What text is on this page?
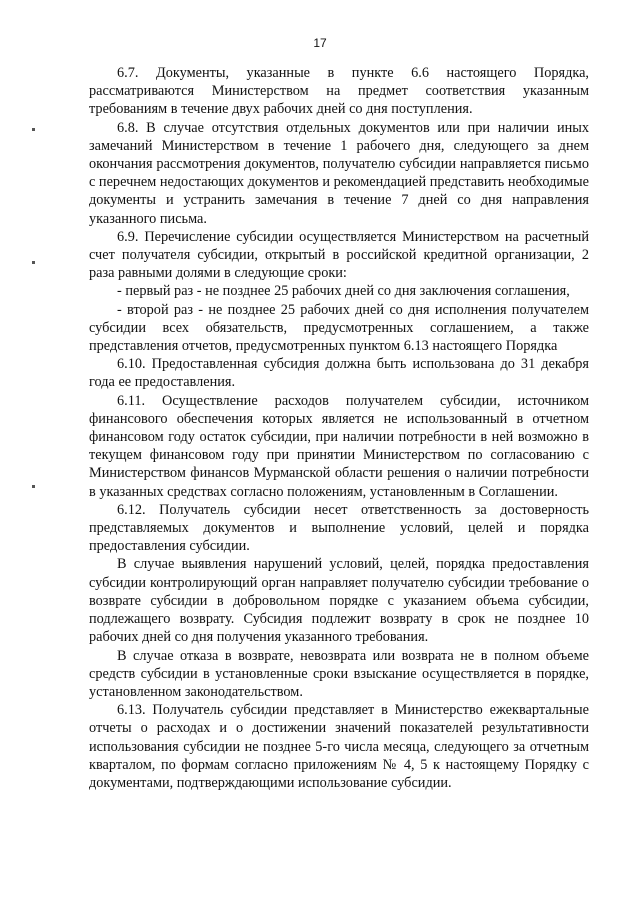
17

6.7. Документы, указанные в пункте 6.6 настоящего Порядка, рассматриваются Министерством на предмет соответствия указанным требованиям в течение двух рабочих дней со дня поступления.

6.8. В случае отсутствия отдельных документов или при наличии иных замечаний Министерством в течение 1 рабочего дня, следующего за днем окончания рассмотрения документов, получателю субсидии направляется письмо с перечнем недостающих документов и рекомендацией представить необходимые документы и устранить замечания в течение 7 дней со дня направления указанного письма.

6.9. Перечисление субсидии осуществляется Министерством на расчетный счет получателя субсидии, открытый в российской кредитной организации, 2 раза равными долями в следующие сроки:

- первый раз - не позднее 25 рабочих дней со дня заключения соглашения,

- второй раз - не позднее 25 рабочих дней со дня исполнения получателем субсидии всех обязательств, предусмотренных соглашением, а также представления отчетов, предусмотренных пунктом 6.13 настоящего Порядка

6.10. Предоставленная субсидия должна быть использована до 31 декабря года ее предоставления.

6.11. Осуществление расходов получателем субсидии, источником финансового обеспечения которых является не использованный в отчетном финансовом году остаток субсидии, при наличии потребности в ней возможно в текущем финансовом году при принятии Министерством по согласованию с Министерством финансов Мурманской области решения о наличии потребности в указанных средствах согласно положениям, установленным в Соглашении.

6.12. Получатель субсидии несет ответственность за достоверность представляемых документов и выполнение условий, целей и порядка предоставления субсидии.

В случае выявления нарушений условий, целей, порядка предоставления субсидии контролирующий орган направляет получателю субсидии требование о возврате субсидии в добровольном порядке с указанием объема субсидии, подлежащего возврату. Субсидия подлежит возврату в срок не позднее 10 рабочих дней со дня получения указанного требования.

В случае отказа в возврате, невозврата или возврата не в полном объеме средств субсидии в установленные сроки взыскание осуществляется в порядке, установленном законодательством.

6.13. Получатель субсидии представляет в Министерство ежеквартальные отчеты о расходах и о достижении значений показателей результативности использования субсидии не позднее 5-го числа месяца, следующего за отчетным кварталом, по формам согласно приложениям № 4, 5 к настоящему Порядку с документами, подтверждающими использование субсидии.
